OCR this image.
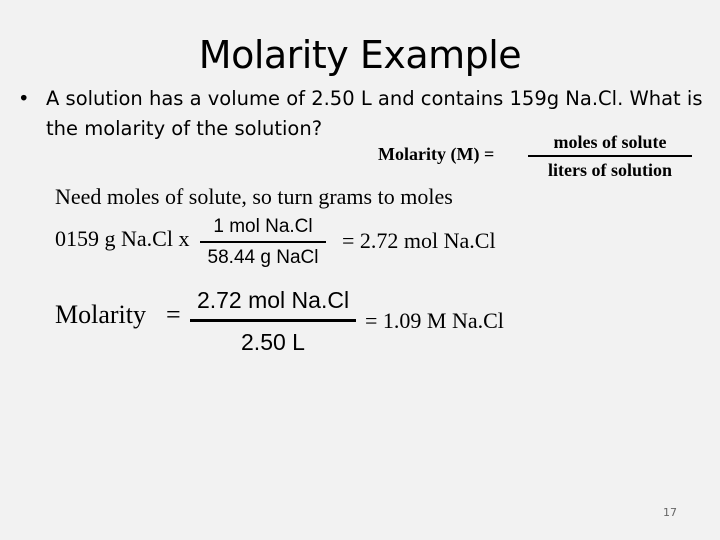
Molarity Example
• A solution has a volume of 2.50 L and contains 159g Na.Cl. What is the molarity of the solution?
Molarity (M) =
moles of solute
liters of solution
Need moles of solute, so turn grams to moles
0159 g Na.Cl x	1 mol Na.Cl
58.44 g NaCl
= 2.72 mol Na.Cl
Molarity = 2.72 mol Na.Cl
2.50 L
= 1.09 M Na.Cl
17
